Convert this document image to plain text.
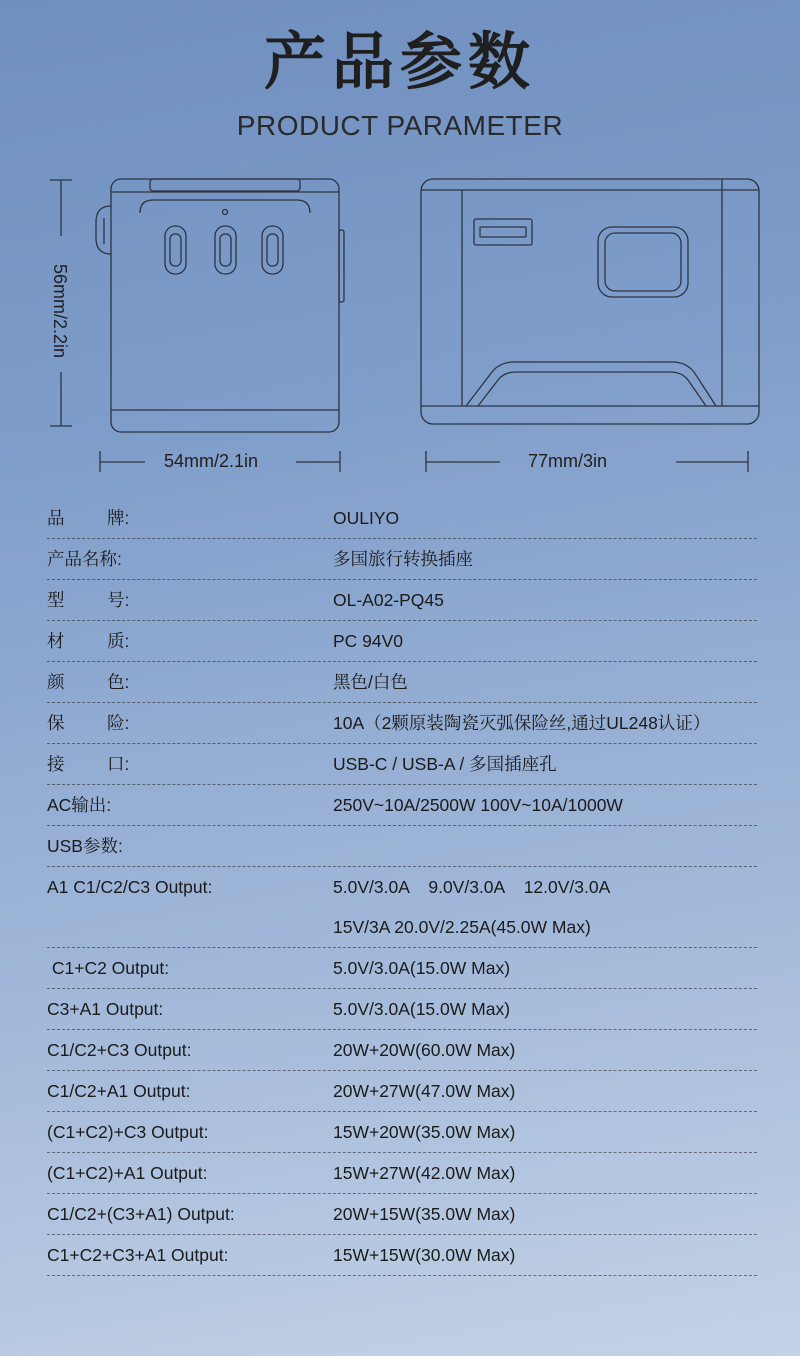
产品参数
PRODUCT PARAMETER
56mm/2.2in
54mm/2.1in	77mm/3in
品 牌:	OULIYO
产品名称:	多国旅行转换插座
型 号:	OL-A02-PQ45
材 质:	PC 94V0
颜 色:	黑色/白色
保 险:	10A（2颗原装陶瓷灭弧保险丝,通过UL248认证）
接 口:	USB-C / USB-A / 多国插座孔
AC输出:	250V~10A/2500W 100V~10A/1000W
USB参数:
A1 C1/C2/C3 Output:	5.0V/3.0A    9.0V/3.0A    12.0V/3.0A
15V/3A 20.0V/2.25A(45.0W Max)
C1+C2 Output:	5.0V/3.0A(15.0W Max)
C3+A1 Output:	5.0V/3.0A(15.0W Max)
C1/C2+C3 Output:	20W+20W(60.0W Max)
C1/C2+A1 Output:	20W+27W(47.0W Max)
(C1+C2)+C3 Output:	15W+20W(35.0W Max)
(C1+C2)+A1 Output:	15W+27W(42.0W Max)
C1/C2+(C3+A1) Output:	20W+15W(35.0W Max)
C1+C2+C3+A1 Output:	15W+15W(30.0W Max)
